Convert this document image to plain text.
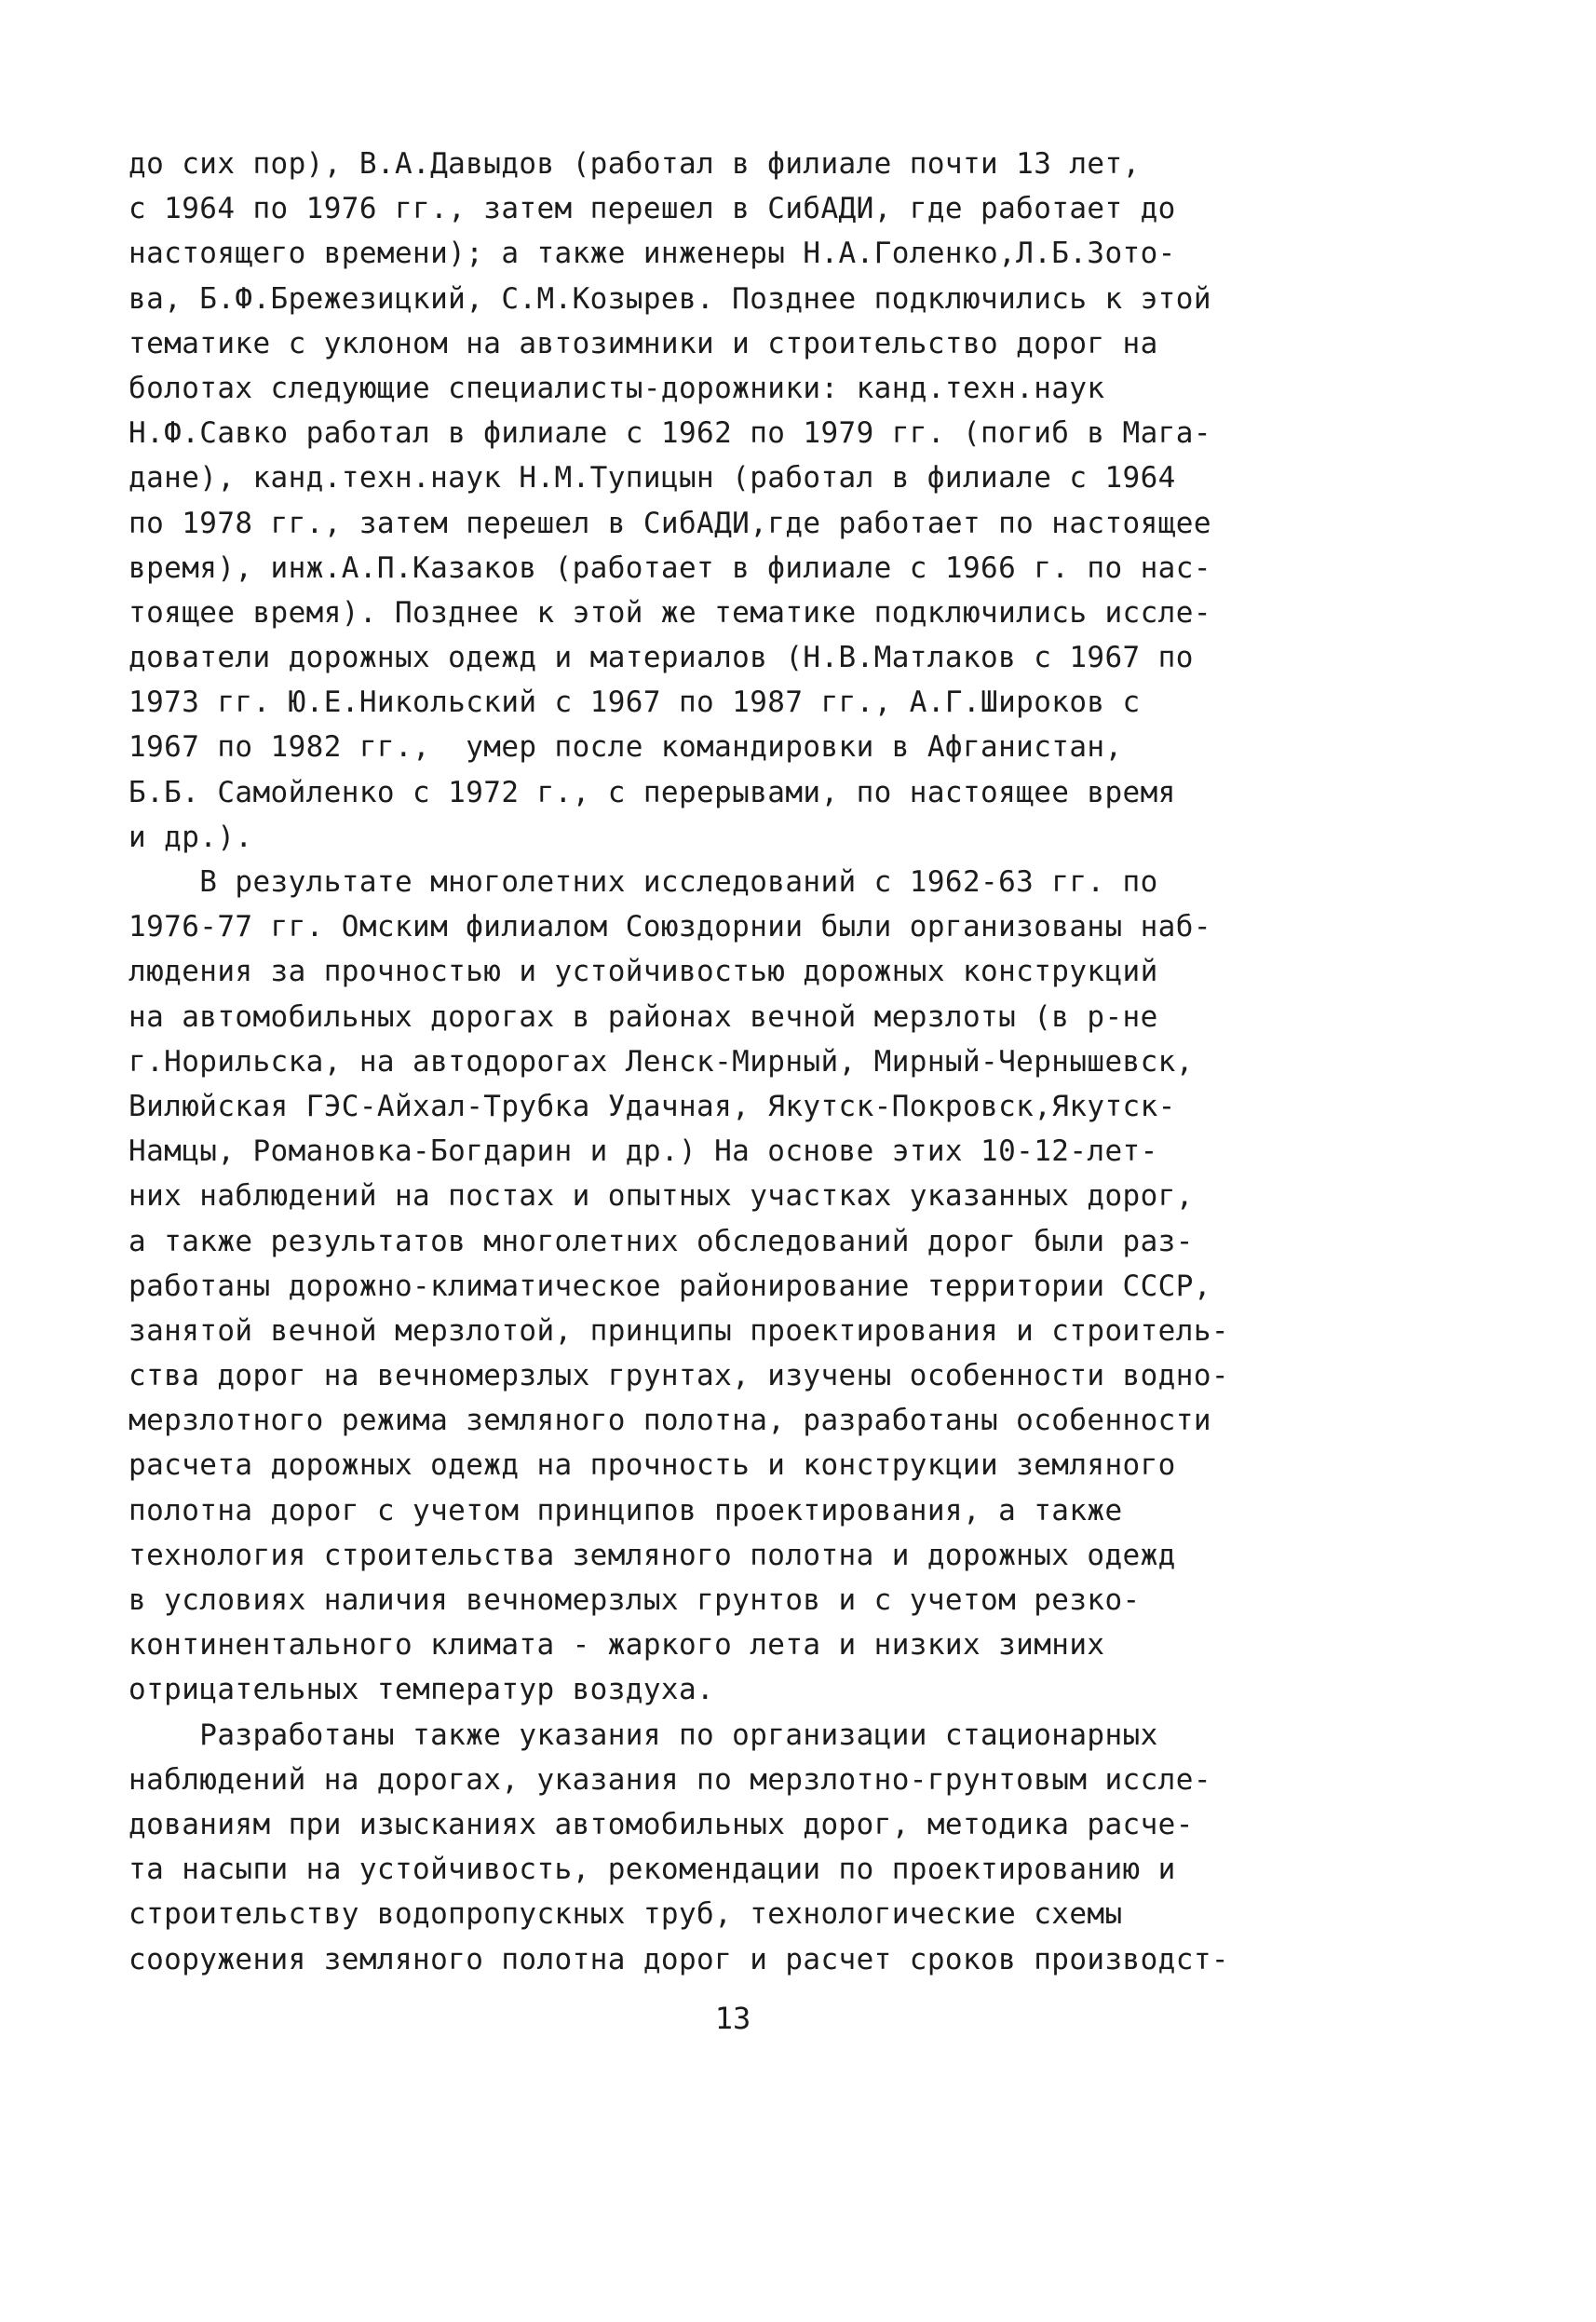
до сих пор), В.А.Давыдов (работал в филиале почти 13 лет,
с 1964 по 1976 гг., затем перешел в СибАДИ, где работает до
настоящего времени); а также инженеры Н.А.Голенко,Л.Б.Зото-
ва, Б.Ф.Брежезицкий, С.М.Козырев. Позднее подключились к этой
тематике с уклоном на автозимники и строительство дорог на
болотах следующие специалисты-дорожники: канд.техн.наук
Н.Ф.Савко работал в филиале с 1962 по 1979 гг. (погиб в Мага-
дане), канд.техн.наук Н.М.Тупицын (работал в филиале с 1964
по 1978 гг., затем перешел в СибАДИ,где работает по настоящее
время), инж.А.П.Казаков (работает в филиале с 1966 г. по нас-
тоящее время). Позднее к этой же тематике подключились иссле-
дователи дорожных одежд и материалов (Н.В.Матлаков с 1967 по
1973 гг. Ю.Е.Никольский с 1967 по 1987 гг., А.Г.Широков с
1967 по 1982 гг.,  умер после командировки в Афганистан,
Б.Б. Самойленко с 1972 г., с перерывами, по настоящее время
и др.).
В результате многолетних исследований с 1962-63 гг. по
1976-77 гг. Омским филиалом Союздорнии были организованы наб-
людения за прочностью и устойчивостью дорожных конструкций
на автомобильных дорогах в районах вечной мерзлоты (в р-не
г.Норильска, на автодорогах Ленск-Мирный, Мирный-Чернышевск,
Вилюйская ГЭС-Айхал-Трубка Удачная, Якутск-Покровск,Якутск-
Намцы, Романовка-Богдарин и др.) На основе этих 10-12-лет-
них наблюдений на постах и опытных участках указанных дорог,
а также результатов многолетних обследований дорог были раз-
работаны дорожно-климатическое районирование территории СССР,
занятой вечной мерзлотой, принципы проектирования и строитель-
ства дорог на вечномерзлых грунтах, изучены особенности водно-
мерзлотного режима земляного полотна, разработаны особенности
расчета дорожных одежд на прочность и конструкции земляного
полотна дорог с учетом принципов проектирования, а также
технология строительства земляного полотна и дорожных одежд
в условиях наличия вечномерзлых грунтов и с учетом резко-
континентального климата - жаркого лета и низких зимних
отрицательных температур воздуха.
Разработаны также указания по организации стационарных
наблюдений на дорогах, указания по мерзлотно-грунтовым иссле-
дованиям при изысканиях автомобильных дорог, методика расче-
та насыпи на устойчивость, рекомендации по проектированию и
строительству водопропускных труб, технологические схемы
сооружения земляного полотна дорог и расчет сроков производст-
13
